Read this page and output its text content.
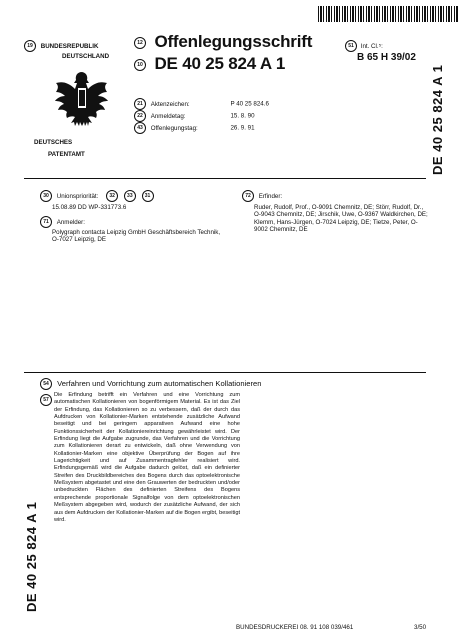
19 BUNDESREPUBLIK
DEUTSCHLAND
DEUTSCHES
PATENTAMT
12 Offenlegungsschrift
10 DE 40 25 824 A 1
51 Int. Cl.⁵:
B 65 H 39/02
21 Aktenzeichen:	P 40 25 824.6
22 Anmeldetag:	15. 8. 90
43 Offenlegungstag:	26. 9. 91	DE 40 25 824 A 1
DE 40 25 824 A 1
30 Unionspriorität: 32 33 31
15.08.89 DD WP-331773.6
71 Anmelder:
Polygraph contacta Leipzig GmbH Geschäftsbereich Technik, O-7027 Leipzig, DE
72 Erfinder:
Ruder, Rudolf, Prof., O-9091 Chemnitz, DE; Störr, Rudolf, Dr., O-9043 Chemnitz, DE; Jirschik, Uwe, O-9367 Waldkirchen, DE; Klemm, Hans-Jürgen, O-7024 Leipzig, DE; Tietze, Peter, O-9002 Chemnitz, DE
54 Verfahren und Vorrichtung zum automatischen Kollationieren
57
Die Erfindung betrifft ein Verfahren und eine Vorrichtung zum automatischen Kollationieren von bogenförmigem Material. Es ist das Ziel der Erfindung, das Kollationieren so zu verbessern, daß der durch das Aufdrucken von Kollationier-Marken entstehende zusätzliche Aufwand beseitigt und bei geringem apparativen Aufwand eine hohe Funktionssicherheit der Kollationiereinrichtung gewährleistet wird. Der Erfindung liegt die Aufgabe zugrunde, das Verfahren und die Vorrichtung zum Kollationieren derart zu entwickeln, daß ohne Verwendung von Kollationier-Marken eine objektive Überprüfung der Bogen auf ihre Lagerichtigkeit und auf Zusammentragfehler realisiert wird. Erfindungsgemäß wird die Aufgabe dadurch gelöst, daß ein definierter Streifen des Druckbildbereiches des Bogens durch das optoelektronische Meßsystem abgetastet und eine den Grauwerten der bedruckten und/oder unbedruckten Flächen des definierten Streifens des Bogens entsprechende proportionale Signalfolge von dem optoelektronischen Meßsystem abgegeben wird, wodurch der zusätzliche Aufwand, der sich aus dem Aufdrucken der Kollationier-Marken auf die Bogen ergibt, beseitigt wird.
BUNDESDRUCKEREI 08. 91 108 039/461	3/50
